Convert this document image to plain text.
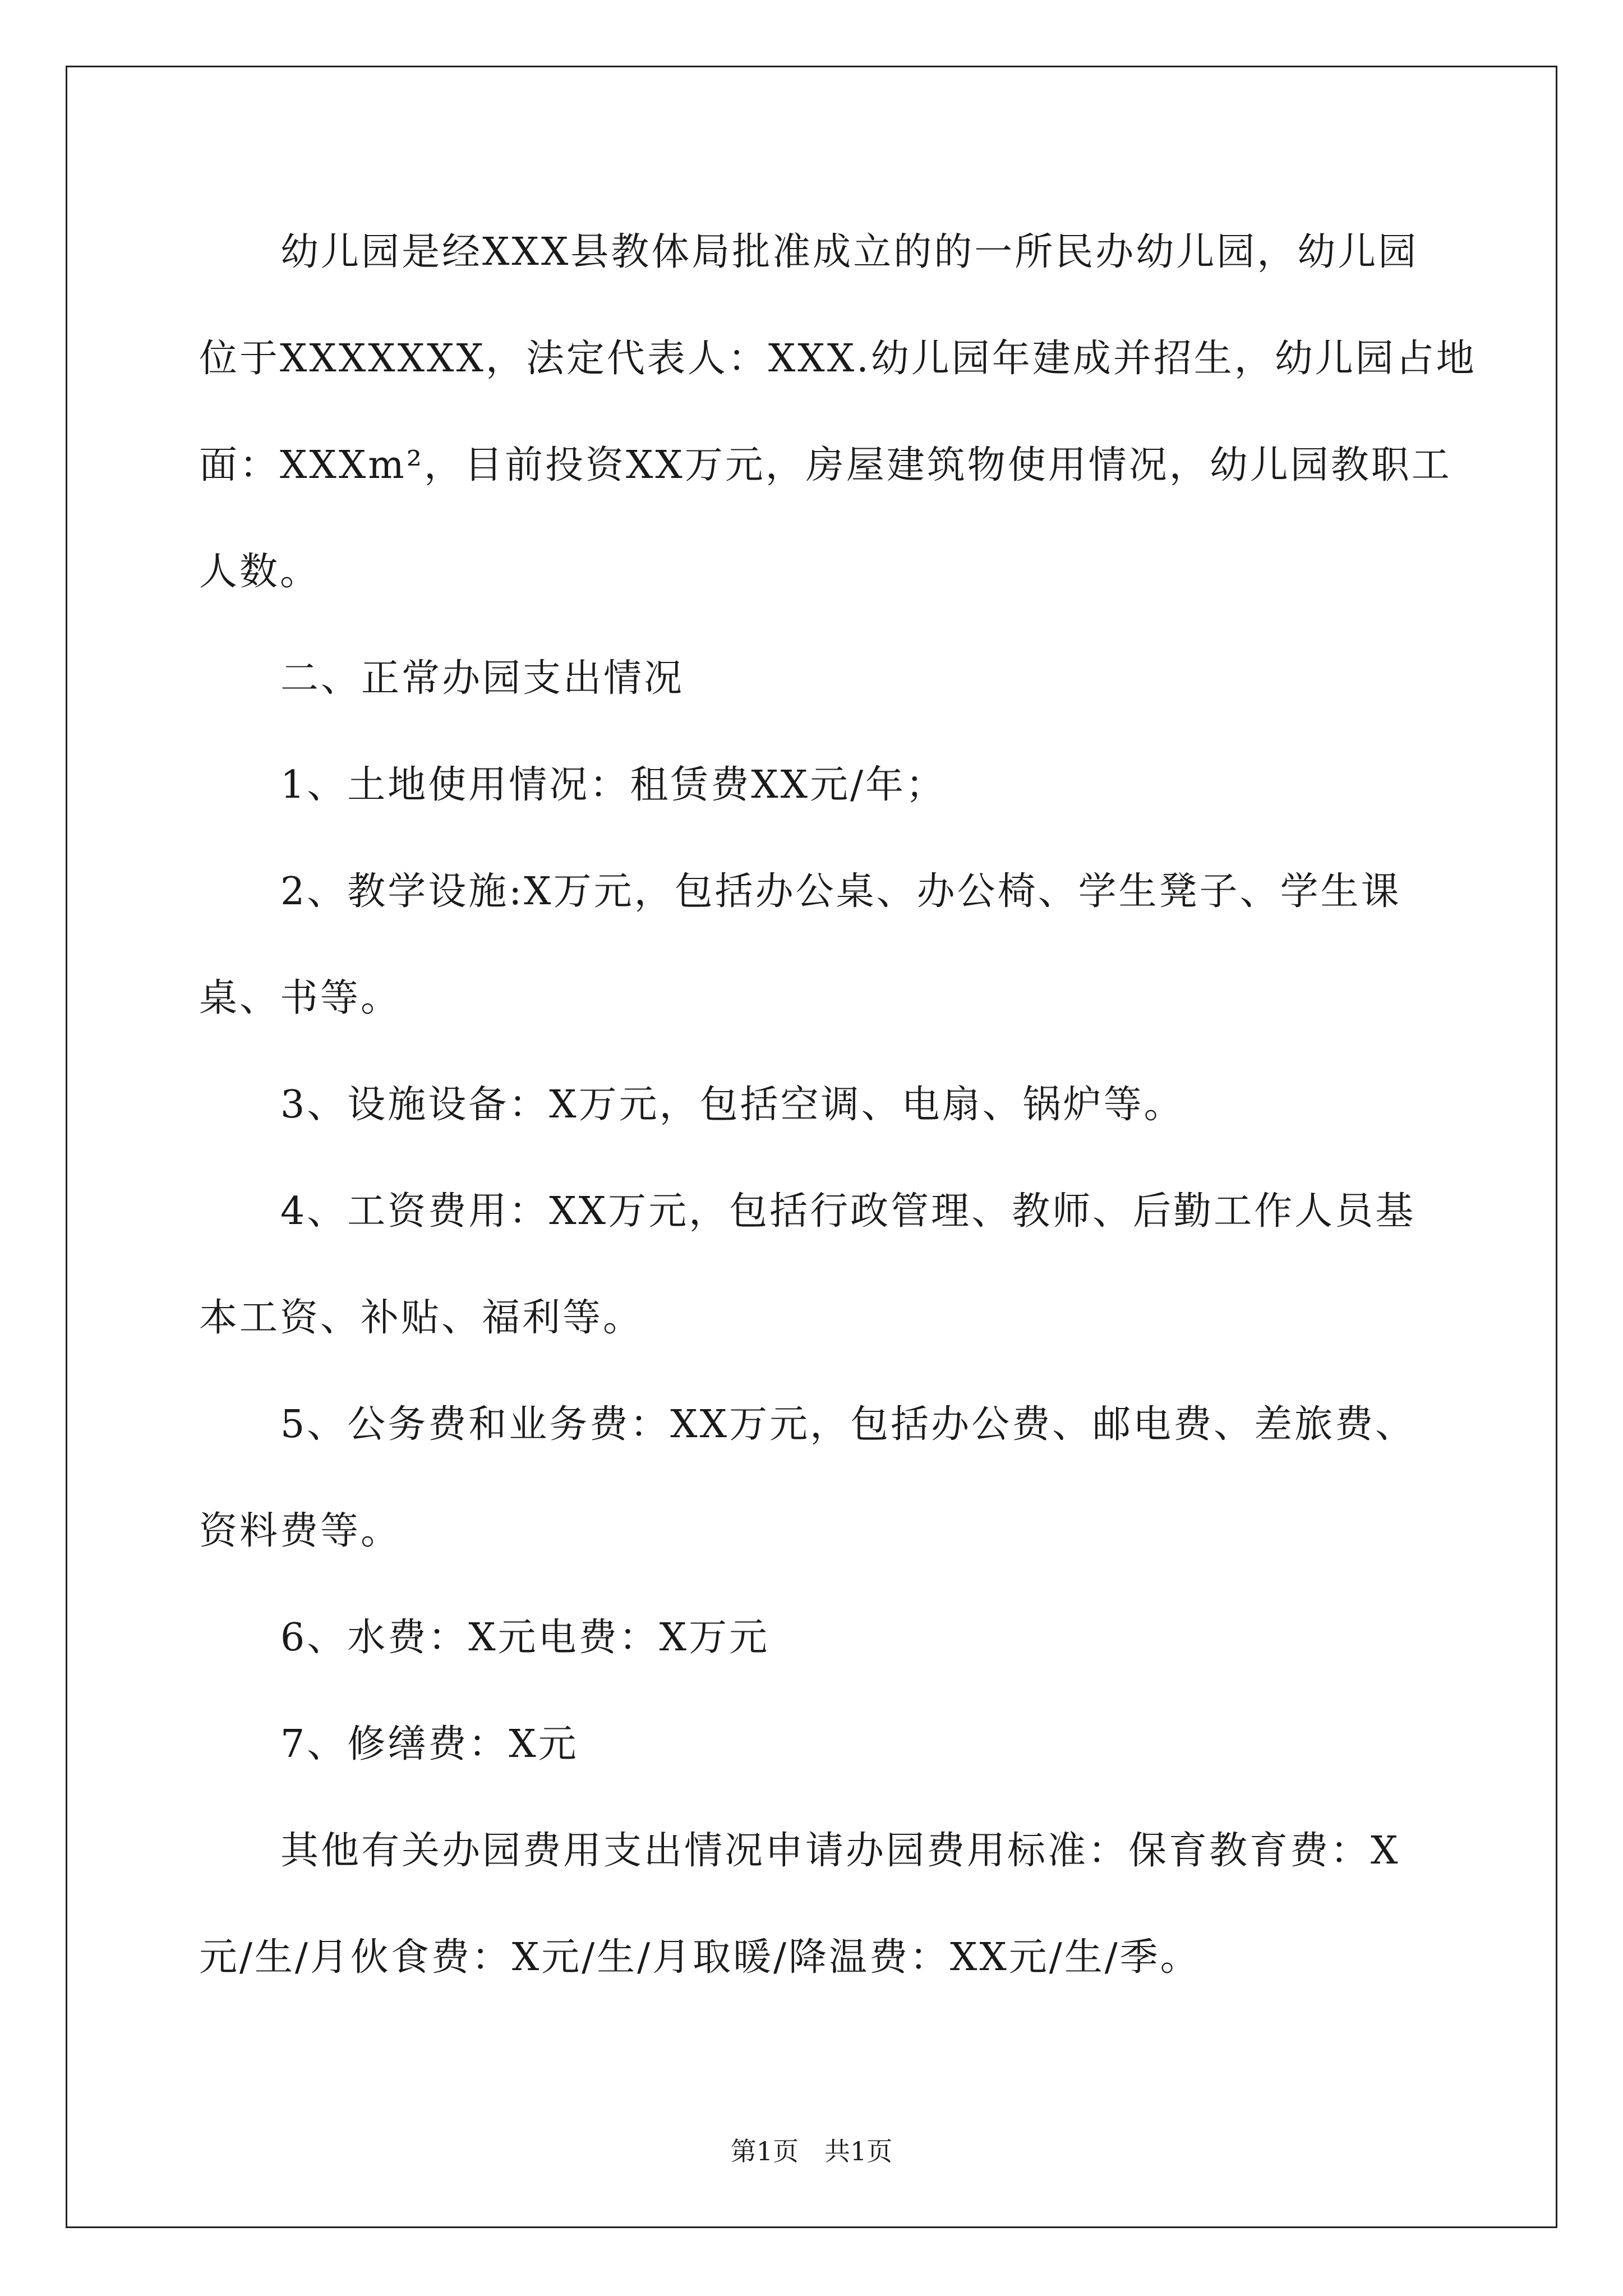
幼儿园是经XXX县教体局批准成立的的一所民办幼儿园，幼儿园
位于XXXXXXX，法定代表人：XXX.幼儿园年建成并招生，幼儿园占地
面：XXXm²，目前投资XX万元，房屋建筑物使用情况，幼儿园教职工
人数。

二、正常办园支出情况

1、土地使用情况：租赁费XX元/年；

2、教学设施:X万元，包括办公桌、办公椅、学生凳子、学生课
桌、书等。

3、设施设备：X万元，包括空调、电扇、锅炉等。

4、工资费用：XX万元，包括行政管理、教师、后勤工作人员基
本工资、补贴、福利等。

5、公务费和业务费：XX万元，包括办公费、邮电费、差旅费、
资料费等。

6、水费：X元电费：X万元

7、修缮费：X元

其他有关办园费用支出情况申请办园费用标准：保育教育费：X
元/生/月伙食费：X元/生/月取暖/降温费：XX元/生/季。

第1页　共1页
